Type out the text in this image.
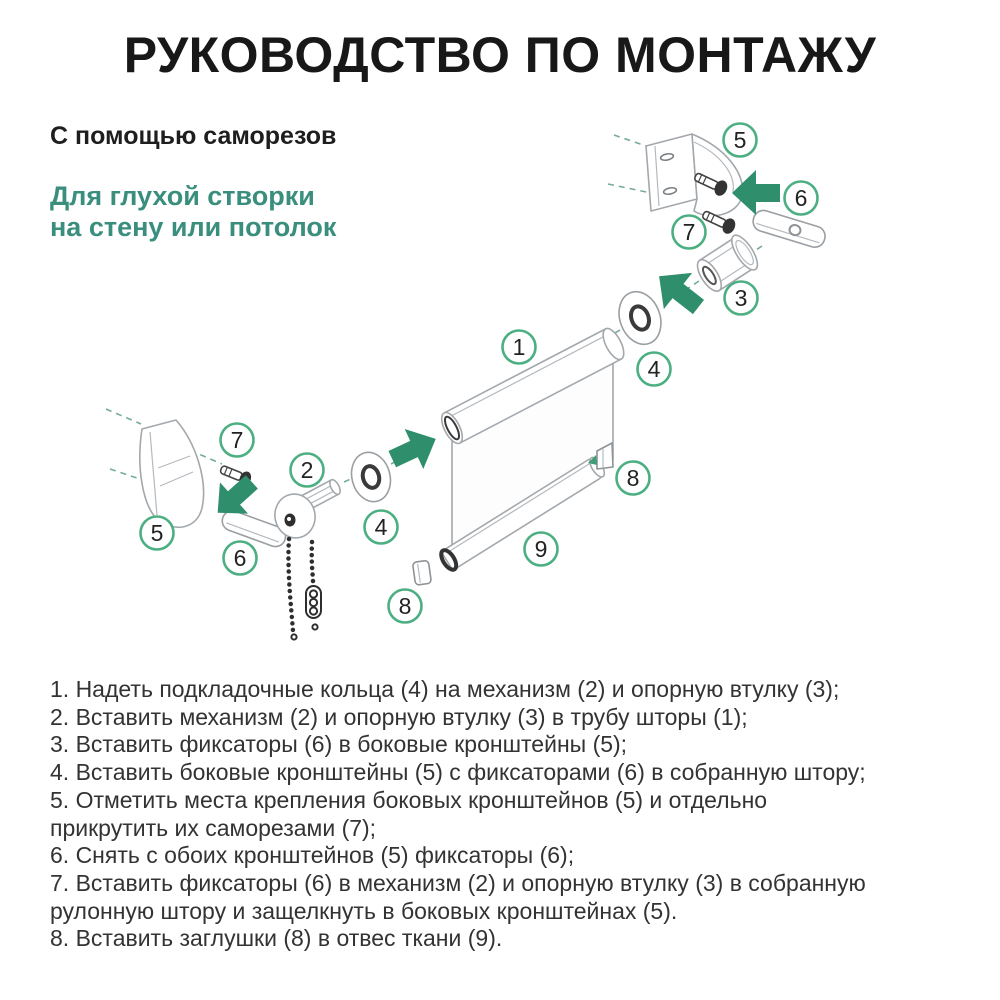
РУКОВОДСТВО ПО МОНТАЖУ
С помощью саморезов
Для глухой створки
на стену или потолок
5
6
7
3
4
1
8
9
8
7
5
6
2
4
1. Надеть подкладочные кольца (4) на механизм (2) и опорную втулку (3);
2. Вставить механизм (2) и опорную втулку (3) в трубу шторы (1);
3. Вставить фиксаторы (6) в боковые кронштейны (5);
4. Вставить боковые кронштейны (5) с фиксаторами (6) в собранную штору;
5. Отметить места крепления боковых кронштейнов (5) и отдельно
прикрутить их саморезами (7);
6. Снять с обоих кронштейнов (5) фиксаторы (6);
7. Вставить фиксаторы (6) в механизм (2) и опорную втулку (3) в собранную
рулонную штору и защелкнуть в боковых кронштейнах (5).
8. Вставить заглушки (8) в отвес ткани (9).
